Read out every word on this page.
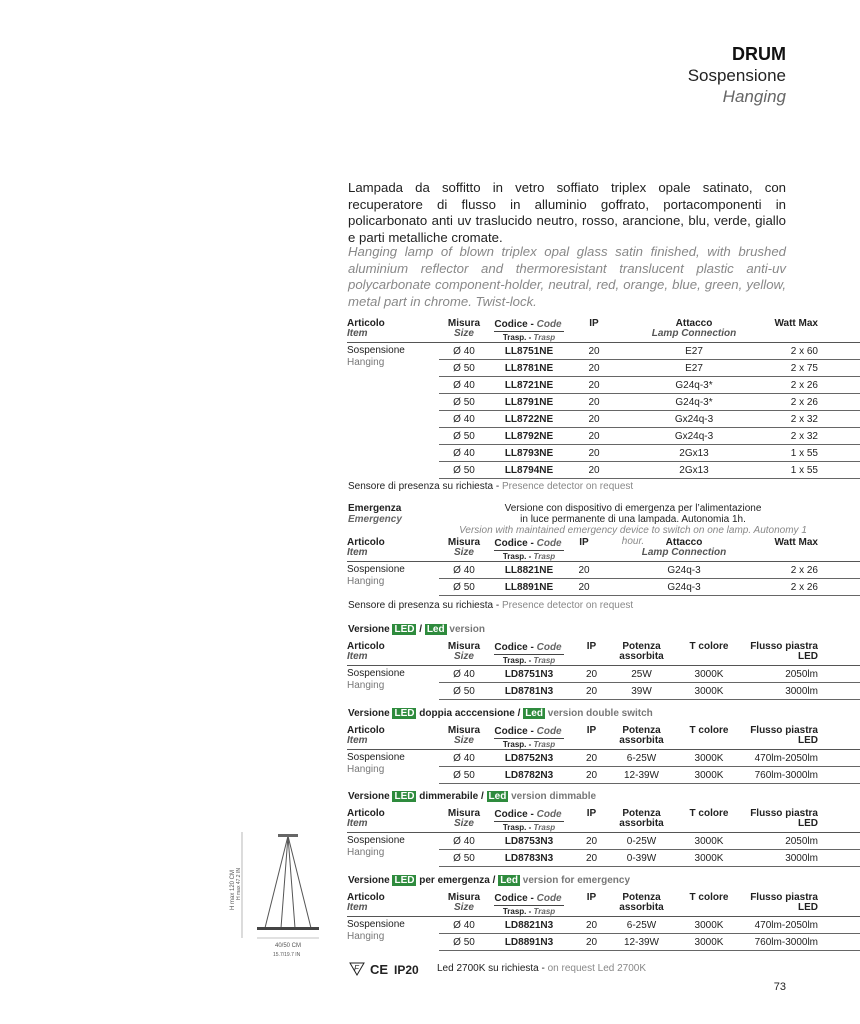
DRUM
Sospensione
Hanging
Lampada da soffitto in vetro soffiato triplex opale satinato, con recuperatore di flusso in alluminio goffrato, portacomponenti in policarbonato anti uv traslucido neutro, rosso, arancione, blu, verde, giallo e parti metalliche cromate.
Hanging lamp of blown triplex opal glass satin finished, with brushed aluminium reflector and thermoresistant translucent plastic anti-uv polycarbonate component-holder, neutral, red, orange, blue, green, yellow, metal part in chrome. Twist-lock.
Articolo
Item	Misura
Size	Codice - Code
Trasp. - Trasp	IP	Attacco
Lamp Connection	Watt Max

Sospensione
Hanging	Ø 40	LL8751NE	20	E27	2 x 60
	Ø 50	LL8781NE	20	E27	2 x 75
	Ø 40	LL8721NE	20	G24q-3*	2 x 26
	Ø 50	LL8791NE	20	G24q-3*	2 x 26
	Ø 40	LL8722NE	20	Gx24q-3	2 x 32
	Ø 50	LL8792NE	20	Gx24q-3	2 x 32
	Ø 40	LL8793NE	20	2Gx13	1 x 55
	Ø 50	LL8794NE	20	2Gx13	1 x 55
Sensore di presenza su richiesta - Presence detector on request
Emergenza
Emergency
Versione con dispositivo di emergenza per l’alimentazione
in luce permanente di una lampada. Autonomia 1h.
Version with maintained emergency device to switch on one lamp. Autonomy 1 hour.
Articolo
Item	Misura
Size	Codice - Code
Trasp. - Trasp	IP	Attacco
Lamp Connection	Watt Max

Sospensione
Hanging	Ø 40	LL8821NE	20	G24q-3	2 x 26
	Ø 50	LL8891NE	20	G24q-3	2 x 26
Sensore di presenza su richiesta - Presence detector on request
Versione LED / Led version
Articolo
Item	Misura
Size	Codice - Code
Trasp. - Trasp	IP	Potenza
assorbita	T colore	Flusso piastra
LED

Sospensione
Hanging	Ø 40	LD8751N3	20	25W	3000K	2050lm
	Ø 50	LD8781N3	20	39W	3000K	3000lm
Versione LED doppia acccensione / Led version double switch
Articolo
Item	Misura
Size	Codice - Code
Trasp. - Trasp	IP	Potenza
assorbita	T colore	Flusso piastra
LED

Sospensione
Hanging	Ø 40	LD8752N3	20	6-25W	3000K	470lm-2050lm
	Ø 50	LD8782N3	20	12-39W	3000K	760lm-3000lm
Versione LED dimmerabile / Led version dimmable
Articolo
Item	Misura
Size	Codice - Code
Trasp. - Trasp	IP	Potenza
assorbita	T colore	Flusso piastra
LED

Sospensione
Hanging	Ø 40	LD8753N3	20	0-25W	3000K	2050lm
	Ø 50	LD8783N3	20	0-39W	3000K	3000lm
Versione LED per emergenza / Led version for emergency
Articolo
Item	Misura
Size	Codice - Code
Trasp. - Trasp	IP	Potenza
assorbita	T colore	Flusso piastra
LED

Sospensione
Hanging	Ø 40	LD8821N3	20	6-25W	3000K	470lm-2050lm
	Ø 50	LD8891N3	20	12-39W	3000K	760lm-3000lm
H max 120 CM H max 47.2 IN
40/50 CM
15.7/19.7 IN
F CE IP20 Led 2700K su richiesta - on request Led 2700K
73
